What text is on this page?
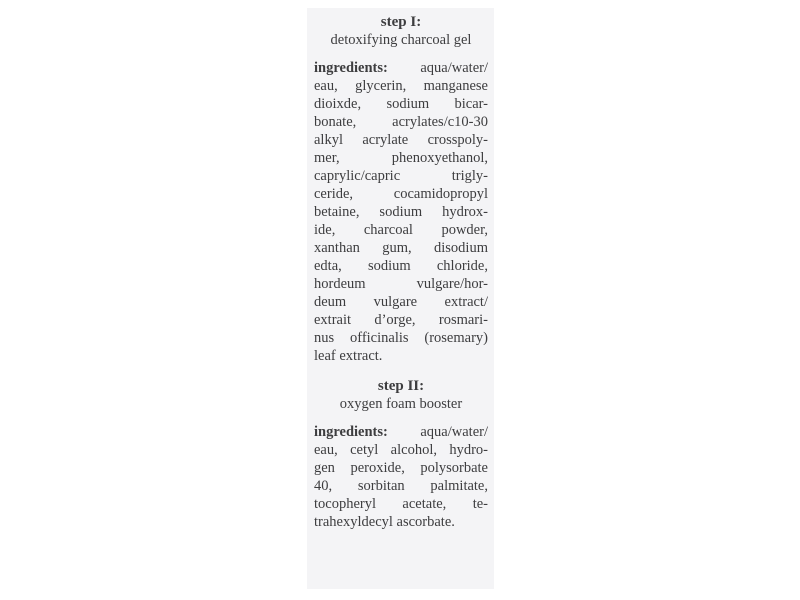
step I:
detoxifying charcoal gel
ingredients: aqua/water/
eau, glycerin, manganese
dioixde, sodium bicar-
bonate, acrylates/c10-30
alkyl acrylate crosspoly-
mer, phenoxyethanol,
caprylic/capric trigly-
ceride, cocamidopropyl
betaine, sodium hydrox-
ide, charcoal powder,
xanthan gum, disodium
edta, sodium chloride,
hordeum vulgare/hor-
deum vulgare extract/
extrait d’orge, rosmari-
nus officinalis (rosemary)
leaf extract.
step II:
oxygen foam booster
ingredients: aqua/water/
eau, cetyl alcohol, hydro-
gen peroxide, polysorbate
40, sorbitan palmitate,
tocopheryl acetate, te-
trahexyldecyl ascorbate.
